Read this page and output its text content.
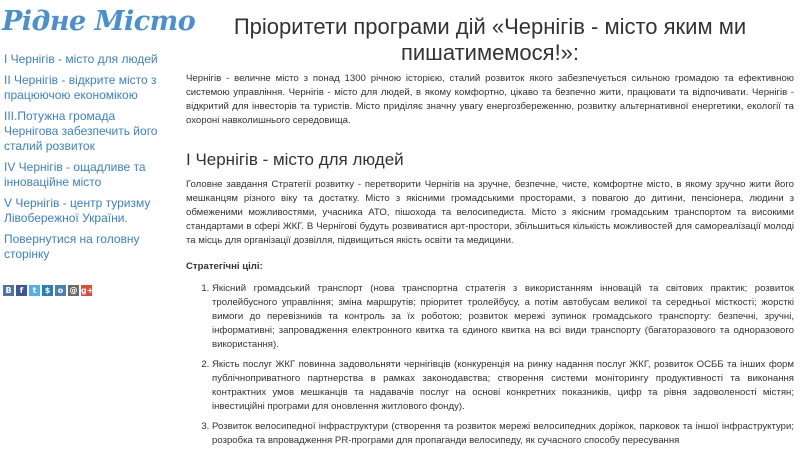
Рідне Місто
І Чернігів - місто для людей
ІІ Чернігів - відкрите місто з працюючою економікою
ІІІ.Потужна громада Чернігова забезпечить його сталий розвиток
IV Чернігів - ощадливе та інноваційне місто
V Чернігів - центр туризму Лівобережної України.
Повернутися на головну сторінку
В	f	t	$ о @ g+
Пріоритети програми дій «Чернігів - місто яким ми пишатимемося!»:

Чернігів - величне місто з понад 1300 річною історією, сталий розвиток якого забезпечується сильною громадою та ефективною системою управління. Чернігів - місто для людей, в якому комфортно, цікаво та безпечно жити, працювати та відпочивати. Чернігів - відкритий для інвесторів та туристів. Місто приділяє значну увагу енергозбереженню, розвитку альтернативної енергетики, екології та охороні навколишнього середовища.

І Чернігів - місто для людей

Головне завдання Стратегії розвитку - перетворити Чернігів на зручне, безпечне, чисте, комфортне місто, в якому зручно жити його мешканцям різного віку та достатку. Місто з якісними громадськими просторами, з повагою до дитини, пенсіонера, людини з обмеженими можливостями, учасника АТО, пішохода та велосипедиста. Місто з якісним громадським транспортом та високими стандартами в сфері ЖКГ. В Чернігові будуть розвиватися арт-простори, збільшиться кількість можливостей для самореалізації молоді та місць для організації дозвілля, підвищиться якість освіти та медицини.

Стратегічні цілі:

1. Якісний громадський транспорт (нова транспортна стратегія з використанням інновацій та світових практик; розвиток тролейбусного управління; зміна маршрутів; пріоритет тролейбусу, а потім автобусам великої та середньої місткості; жорсткі вимоги до перевізників та контроль за їх роботою; розвиток мережі зупинок громадського транспорту: безпечні, зручні, інформативні; запровадження електронного квитка та єдиного квитка на всі види транспорту (багаторазового та одноразового використання).
2. Якість послуг ЖКГ повинна задовольняти чернігівців (конкуренція на ринку надання послуг ЖКГ, розвиток ОСББ та інших форм публічноприватного партнерства в рамках законодавства; створення системи моніторингу продуктивності та виконання контрактних умов мешканців та надавачів послуг на основі конкретних показників, цифр та рівня задоволеності містян; інвестиційні програми для оновлення житлового фонду).
3. Розвиток велосипедної інфраструктури (створення та розвиток мережі велосипедних доріжок, парковок та іншої інфраструктури; розробка та впровадження PR-програми для пропаганди велосипеду, як сучасного способу пересування
